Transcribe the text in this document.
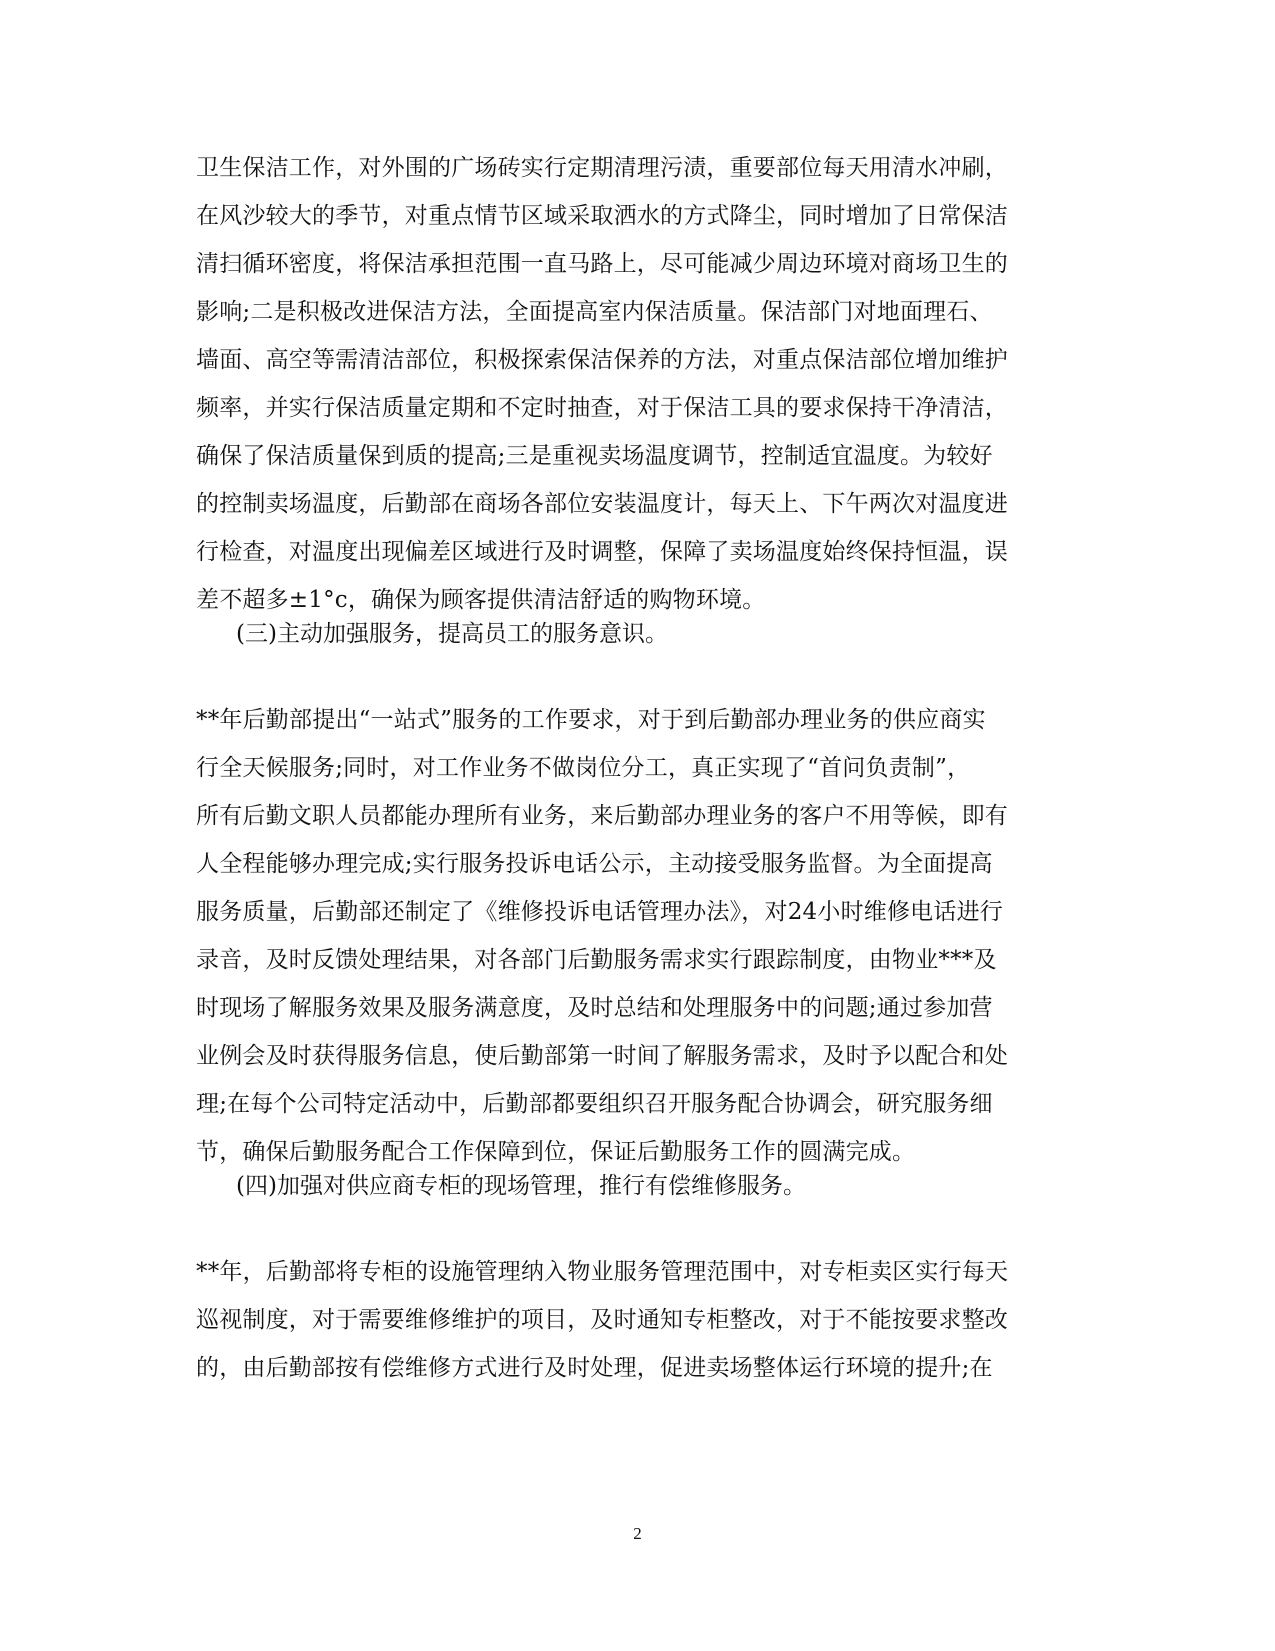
卫生保洁工作，对外围的广场砖实行定期清理污渍，重要部位每天用清水冲刷，
在风沙较大的季节，对重点情节区域采取洒水的方式降尘，同时增加了日常保洁
清扫循环密度，将保洁承担范围一直马路上，尽可能减少周边环境对商场卫生的
影响;二是积极改进保洁方法，全面提高室内保洁质量。保洁部门对地面理石、
墙面、高空等需清洁部位，积极探索保洁保养的方法，对重点保洁部位增加维护
频率，并实行保洁质量定期和不定时抽查，对于保洁工具的要求保持干净清洁，
确保了保洁质量保到质的提高;三是重视卖场温度调节，控制适宜温度。为较好
的控制卖场温度，后勤部在商场各部位安装温度计，每天上、下午两次对温度进
行检查，对温度出现偏差区域进行及时调整，保障了卖场温度始终保持恒温，误
差不超多±1°c，确保为顾客提供清洁舒适的购物环境。

(三)主动加强服务，提高员工的服务意识。

**年后勤部提出“一站式”服务的工作要求，对于到后勤部办理业务的供应商实
行全天候服务;同时，对工作业务不做岗位分工，真正实现了“首问负责制”，
所有后勤文职人员都能办理所有业务，来后勤部办理业务的客户不用等候，即有
人全程能够办理完成;实行服务投诉电话公示，主动接受服务监督。为全面提高
服务质量，后勤部还制定了《维修投诉电话管理办法》，对24小时维修电话进行
录音，及时反馈处理结果，对各部门后勤服务需求实行跟踪制度，由物业***及
时现场了解服务效果及服务满意度，及时总结和处理服务中的问题;通过参加营
业例会及时获得服务信息，使后勤部第一时间了解服务需求，及时予以配合和处
理;在每个公司特定活动中，后勤部都要组织召开服务配合协调会，研究服务细
节，确保后勤服务配合工作保障到位，保证后勤服务工作的圆满完成。

(四)加强对供应商专柜的现场管理，推行有偿维修服务。

**年，后勤部将专柜的设施管理纳入物业服务管理范围中，对专柜卖区实行每天
巡视制度，对于需要维修维护的项目，及时通知专柜整改，对于不能按要求整改
的，由后勤部按有偿维修方式进行及时处理，促进卖场整体运行环境的提升;在

2
